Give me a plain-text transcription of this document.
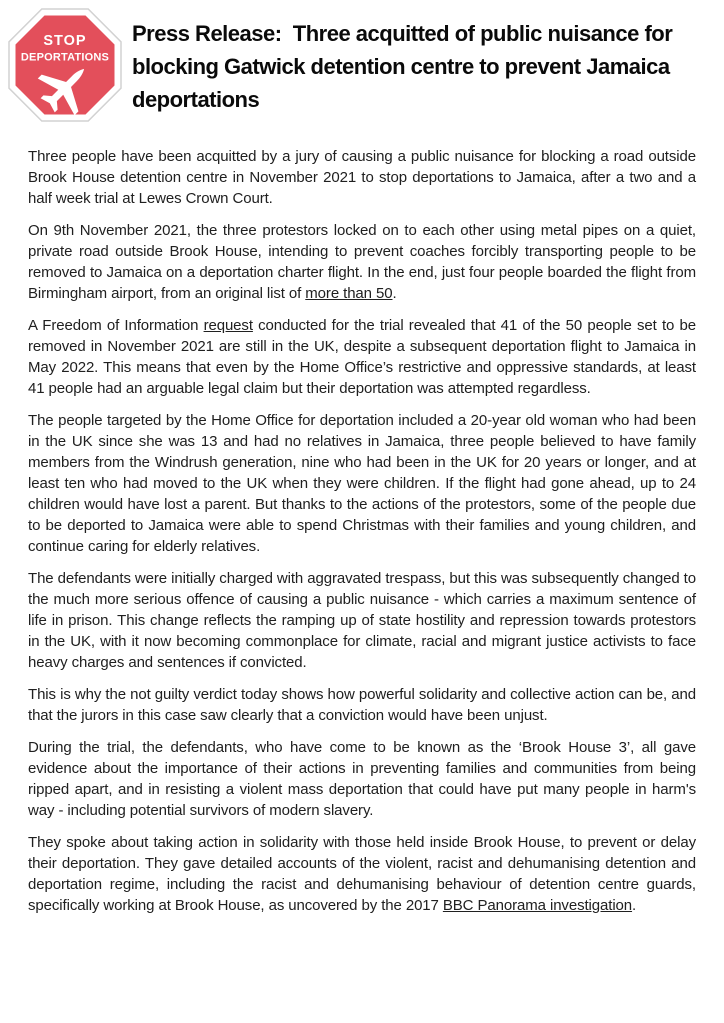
STOP
DEPORTATIONS
Press Release:  Three acquitted of public nuisance for blocking Gatwick detention centre to prevent Jamaica deportations

Three people have been acquitted by a jury of causing a public nuisance for blocking a road outside Brook House detention centre in November 2021 to stop deportations to Jamaica, after a two and a half week trial at Lewes Crown Court.

On 9th November 2021, the three protestors locked on to each other using metal pipes on a quiet, private road outside Brook House, intending to prevent coaches forcibly transporting people to be removed to Jamaica on a deportation charter flight. In the end, just four people boarded the flight from Birmingham airport, from an original list of more than 50.

A Freedom of Information request conducted for the trial revealed that 41 of the 50 people set to be removed in November 2021 are still in the UK, despite a subsequent deportation flight to Jamaica in May 2022. This means that even by the Home Office’s restrictive and oppressive standards, at least 41 people had an arguable legal claim but their deportation was attempted regardless.

The people targeted by the Home Office for deportation included a 20-year old woman who had been in the UK since she was 13 and had no relatives in Jamaica, three people believed to have family members from the Windrush generation, nine who had been in the UK for 20 years or longer, and at least ten who had moved to the UK when they were children. If the flight had gone ahead, up to 24 children would have lost a parent. But thanks to the actions of the protestors, some of the people due to be deported to Jamaica were able to spend Christmas with their families and young children, and continue caring for elderly relatives.

The defendants were initially charged with aggravated trespass, but this was subsequently changed to the much more serious offence of causing a public nuisance - which carries a maximum sentence of life in prison. This change reflects the ramping up of state hostility and repression towards protestors in the UK, with it now becoming commonplace for climate, racial and migrant justice activists to face heavy charges and sentences if convicted.

This is why the not guilty verdict today shows how powerful solidarity and collective action can be, and that the jurors in this case saw clearly that a conviction would have been unjust.

During the trial, the defendants, who have come to be known as the ‘Brook House 3’, all gave evidence about the importance of their actions in preventing families and communities from being ripped apart, and in resisting a violent mass deportation that could have put many people in harm's way - including potential survivors of modern slavery.

They spoke about taking action in solidarity with those held inside Brook House, to prevent or delay their deportation. They gave detailed accounts of the violent, racist and dehumanising detention and deportation regime, including the racist and dehumanising behaviour of detention centre guards, specifically working at Brook House, as uncovered by the 2017 BBC Panorama investigation.
